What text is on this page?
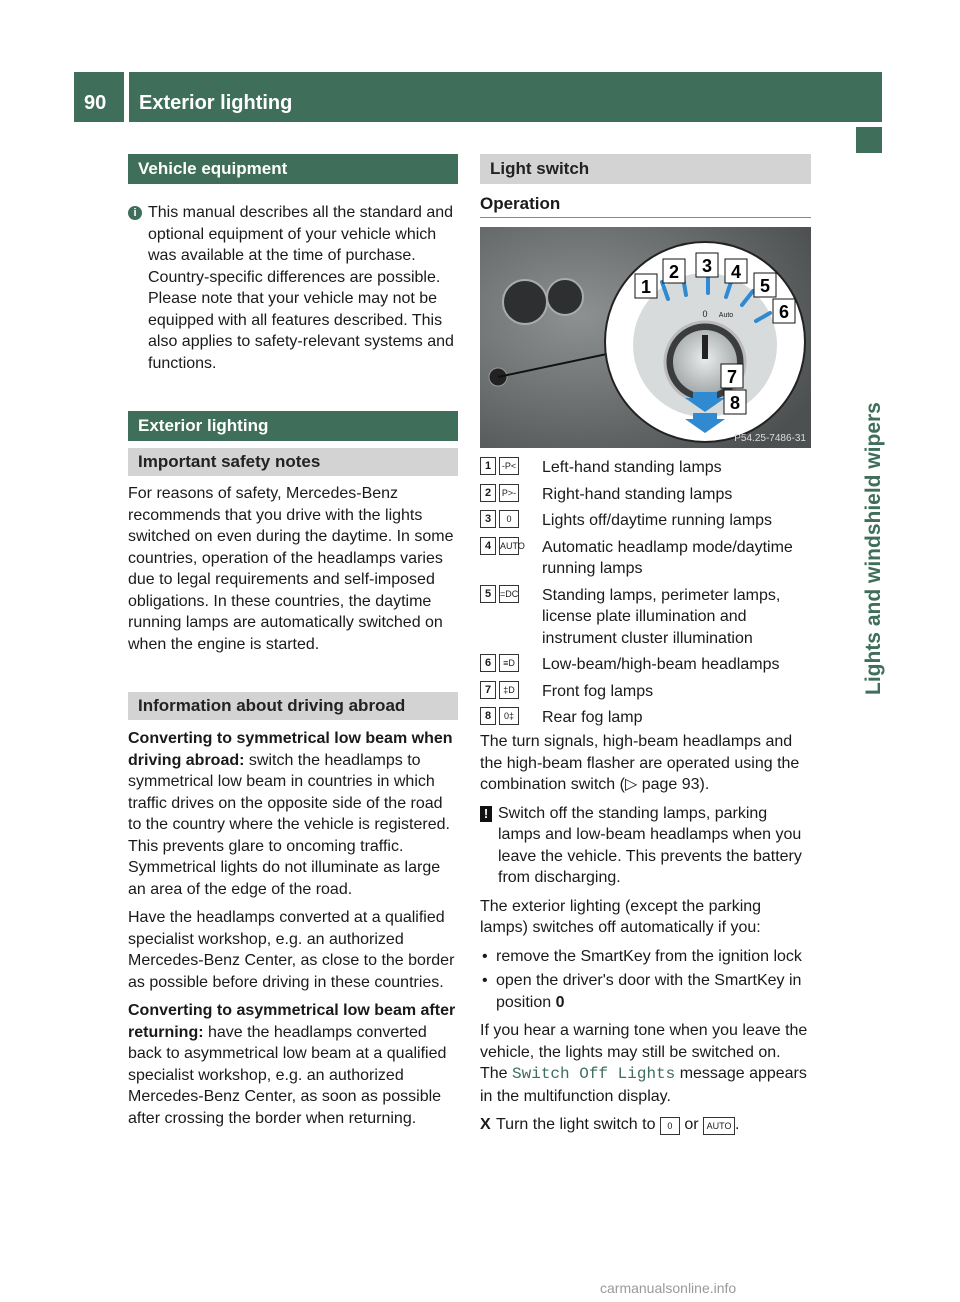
90 Exterior lighting
Lights and windshield wipers
Vehicle equipment
i This manual describes all the standard and optional equipment of your vehicle which was available at the time of purchase. Country-specific differences are possible. Please note that your vehicle may not be equipped with all features described. This also applies to safety-relevant systems and functions.
Exterior lighting
Important safety notes

For reasons of safety, Mercedes-Benz recommends that you drive with the lights switched on even during the daytime. In some countries, operation of the headlamps varies due to legal requirements and self-imposed obligations. In these countries, the daytime running lamps are automatically switched on when the engine is started.

Information about driving abroad

Converting to symmetrical low beam when driving abroad: switch the headlamps to symmetrical low beam in countries in which traffic drives on the opposite side of the road to the country where the vehicle is registered. This prevents glare to oncoming traffic. Symmetrical lights do not illuminate as large an area of the edge of the road.

Have the headlamps converted at a qualified specialist workshop, e.g. an authorized Mercedes-Benz Center, as close to the border as possible before driving in these countries.

Converting to asymmetrical low beam after returning: have the headlamps converted back to asymmetrical low beam at a qualified specialist workshop, e.g. an authorized Mercedes-Benz Center, as soon as possible after crossing the border when returning.

Light switch
Operation
0 Auto
1
2 3 4
5
6
7
8
P54.25-7486-31
1	-P< Left-hand standing lamps
2	P>- Right-hand standing lamps
3	0	Lights off/daytime running lamps
4 AUTO Automatic headlamp mode/daytime running lamps
5 =DC Standing lamps, perimeter lamps, license plate illumination and instrument cluster illumination
6	≡D Low-beam/high-beam headlamps
7	‡D Front fog lamps
8	0‡	Rear fog lamp

The turn signals, high-beam headlamps and the high-beam flasher are operated using the combination switch (▷ page 93).

! Switch off the standing lamps, parking lamps and low-beam headlamps when you leave the vehicle. This prevents the battery from discharging.

The exterior lighting (except the parking lamps) switches off automatically if you:

• remove the SmartKey from the ignition lock
• open the driver's door with the SmartKey in position 0

If you hear a warning tone when you leave the vehicle, the lights may still be switched on. The Switch Off Lights message appears in the multifunction display.

X Turn the light switch to 0 or AUTO .
carmanualsonline.info
